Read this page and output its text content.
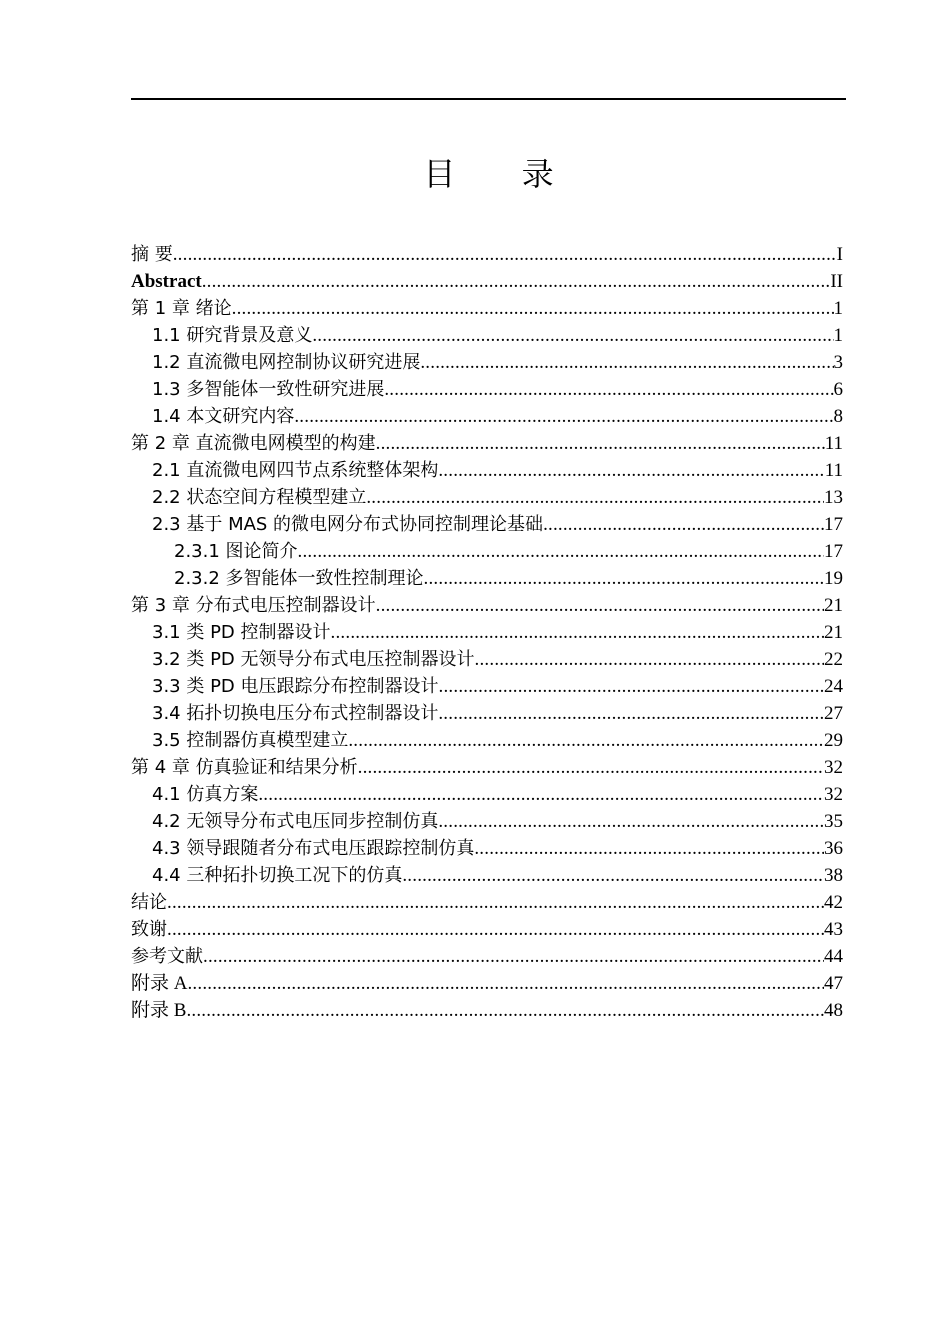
目 录
摘 要 .....	I
Abstract .....	II
第 1 章 绪论 .....	1
1.1 研究背景及意义 .....	1
1.2 直流微电网控制协议研究进展 .....	3
1.3 多智能体一致性研究进展 .....	6
1.4 本文研究内容 .....	8
第 2 章 直流微电网模型的构建 .....	11
2.1 直流微电网四节点系统整体架构 .....	11
2.2 状态空间方程模型建立 .....	13
2.3 基于 MAS 的微电网分布式协同控制理论基础 .....	17
2.3.1 图论简介 .....	17
2.3.2 多智能体一致性控制理论 .....	19
第 3 章 分布式电压控制器设计 .....	21
3.1 类 PD 控制器设计 .....	21
3.2 类 PD 无领导分布式电压控制器设计 .....	22
3.3 类 PD 电压跟踪分布控制器设计 .....	24
3.4 拓扑切换电压分布式控制器设计 .....	27
3.5 控制器仿真模型建立 .....	29
第 4 章 仿真验证和结果分析 .....	32
4.1 仿真方案 .....	32
4.2 无领导分布式电压同步控制仿真 .....	35
4.3 领导跟随者分布式电压跟踪控制仿真 .....	36
4.4 三种拓扑切换工况下的仿真 .....	38
结论 .....	42
致谢 .....	43
参考文献 .....	44
附录 A .....	47
附录 B .....	48
